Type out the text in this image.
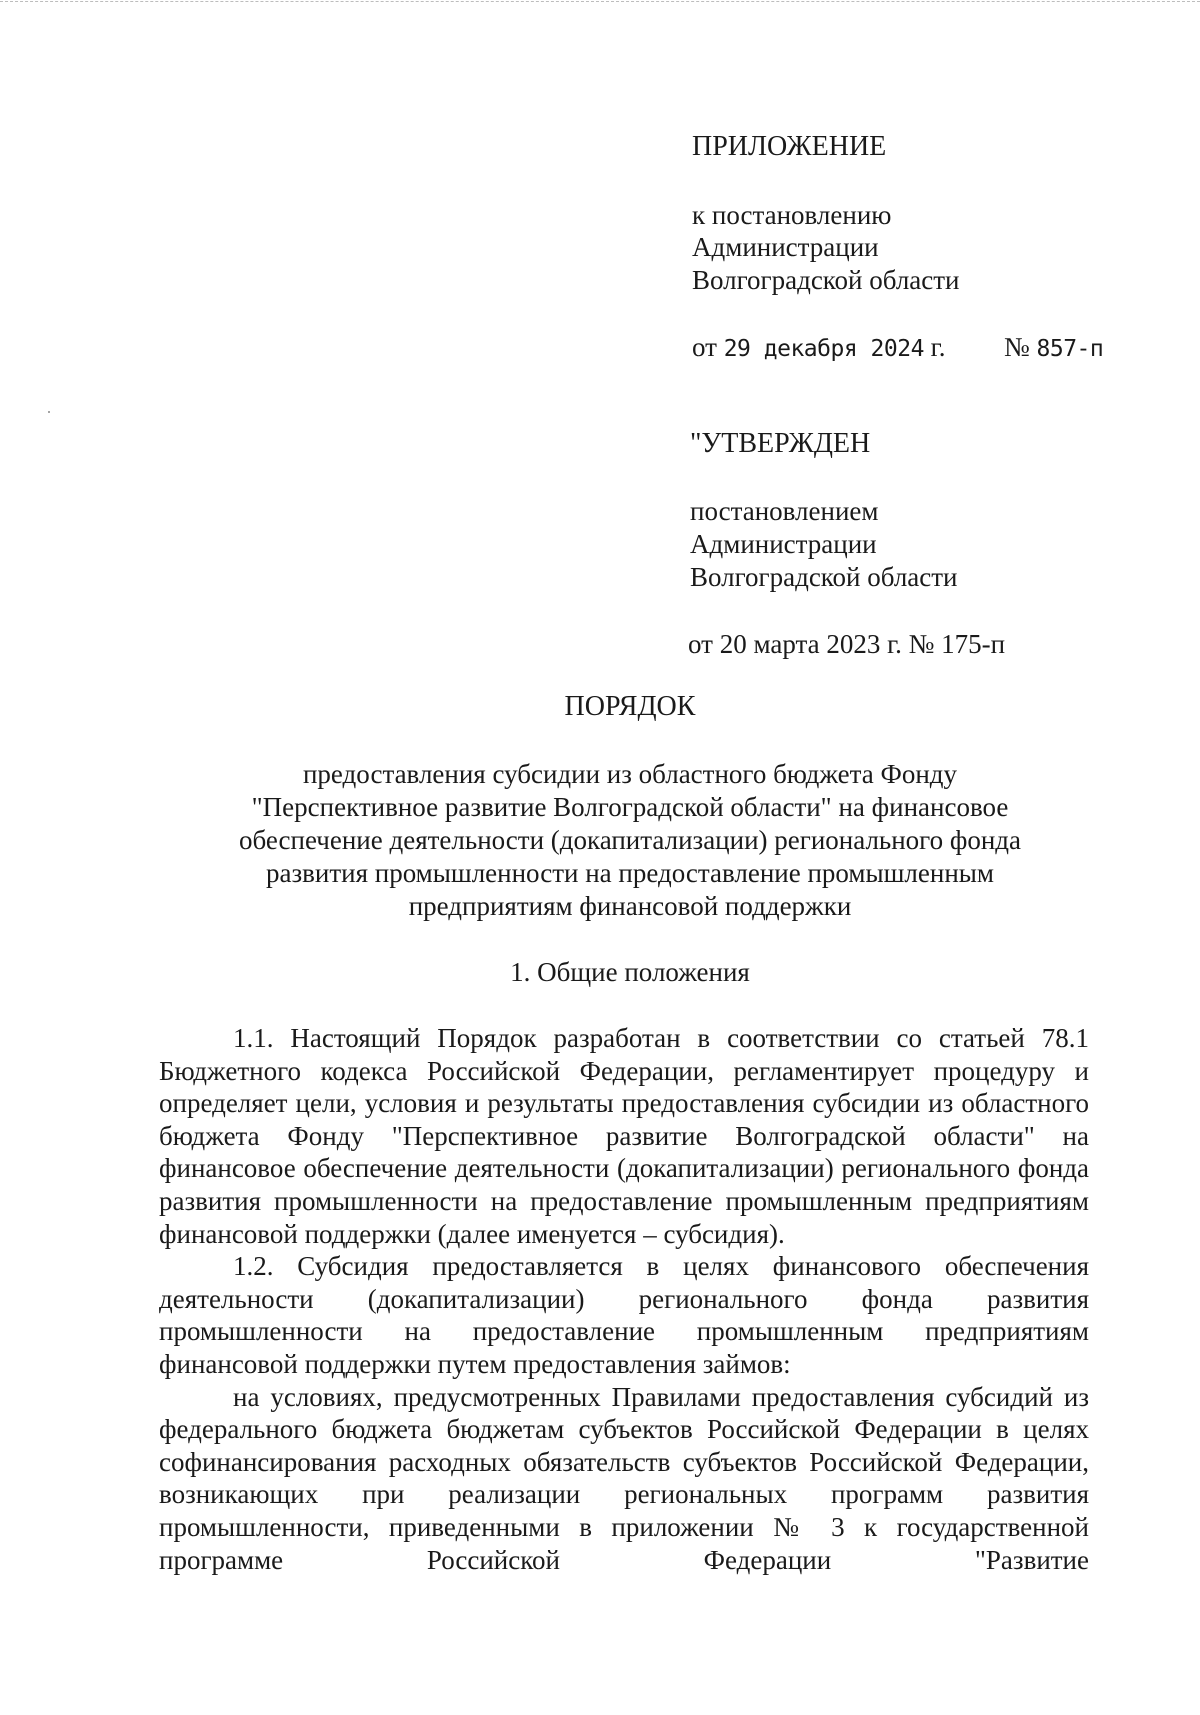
ПРИЛОЖЕНИЕ
к постановлению
Администрации
Волгоградской области
от 29 декабря 2024 г. № 857-п
"УТВЕРЖДЕН
постановлением
Администрации
Волгоградской области
от 20 марта 2023 г. № 175-п
ПОРЯДОК
предоставления субсидии из областного бюджета Фонду
"Перспективное развитие Волгоградской области" на финансовое
обеспечение деятельности (докапитализации) регионального фонда
развития промышленности на предоставление промышленным
предприятиям финансовой поддержки
1. Общие положения

1.1. Настоящий Порядок разработан в соответствии со статьей 78.1 Бюджетного кодекса Российской Федерации, регламентирует процедуру и определяет цели, условия и результаты предоставления субсидии из областного бюджета Фонду "Перспективное развитие Волгоградской области" на финансовое обеспечение деятельности (докапитализации) регионального фонда развития промышленности на предоставление промышленным предприятиям финансовой поддержки (далее именуется – субсидия).

1.2. Субсидия предоставляется в целях финансового обеспечения деятельности (докапитализации) регионального фонда развития промышленности на предоставление промышленным предприятиям финансовой поддержки путем предоставления займов:

на условиях, предусмотренных Правилами предоставления субсидий из федерального бюджета бюджетам субъектов Российской Федерации в целях софинансирования расходных обязательств субъектов Российской Федерации, возникающих при реализации региональных программ развития промышленности, приведенными в приложении № 3 к государственной программе Российской Федерации "Развитие
